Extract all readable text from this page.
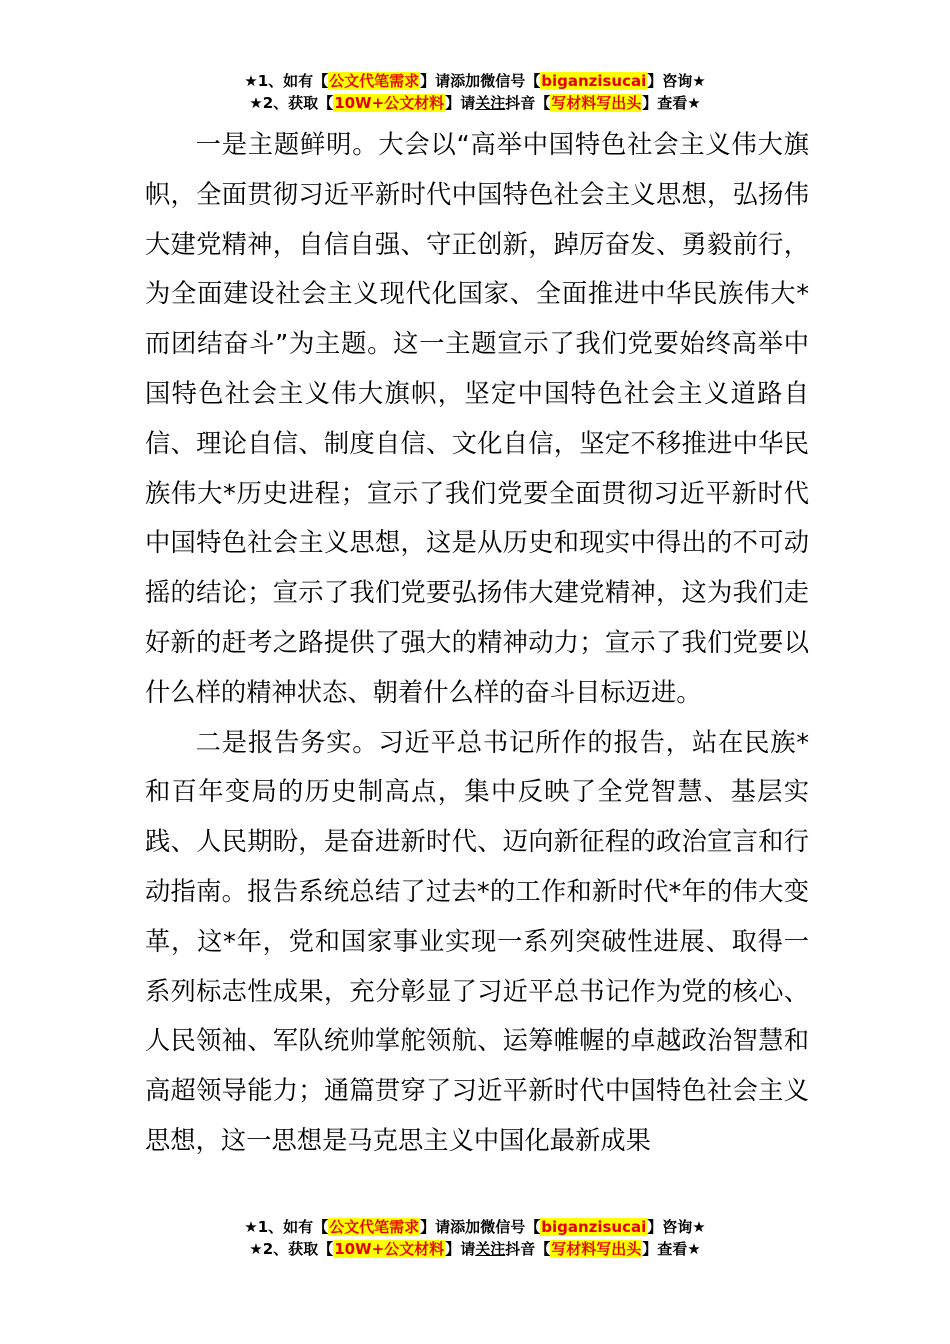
★1、如有【公文代笔需求】请添加微信号【biganzisucai】咨询★
★2、获取【10W+公文材料】请关注抖音【写材料写出头】查看★

一是主题鲜明。大会以“高举中国特色社会主义伟大旗帜，全面贯彻习近平新时代中国特色社会主义思想，弘扬伟大建党精神，自信自强、守正创新，踔厉奋发、勇毅前行，为全面建设社会主义现代化国家、全面推进中华民族伟大*而团结奋斗”为主题。这一主题宣示了我们党要始终高举中国特色社会主义伟大旗帜，坚定中国特色社会主义道路自信、理论自信、制度自信、文化自信，坚定不移推进中华民族伟大*历史进程；宣示了我们党要全面贯彻习近平新时代中国特色社会主义思想，这是从历史和现实中得出的不可动摇的结论；宣示了我们党要弘扬伟大建党精神，这为我们走好新的赶考之路提供了强大的精神动力；宣示了我们党要以什么样的精神状态、朝着什么样的奋斗目标迈进。

二是报告务实。习近平总书记所作的报告，站在民族*和百年变局的历史制高点，集中反映了全党智慧、基层实践、人民期盼，是奋进新时代、迈向新征程的政治宣言和行动指南。报告系统总结了过去*的工作和新时代*年的伟大变革，这*年，党和国家事业实现一系列突破性进展、取得一系列标志性成果，充分彰显了习近平总书记作为党的核心、人民领袖、军队统帅掌舵领航、运筹帷幄的卓越政治智慧和高超领导能力；通篇贯穿了习近平新时代中国特色社会主义思想，这一思想是马克思主义中国化最新成果

★1、如有【公文代笔需求】请添加微信号【biganzisucai】咨询★
★2、获取【10W+公文材料】请关注抖音【写材料写出头】查看★
